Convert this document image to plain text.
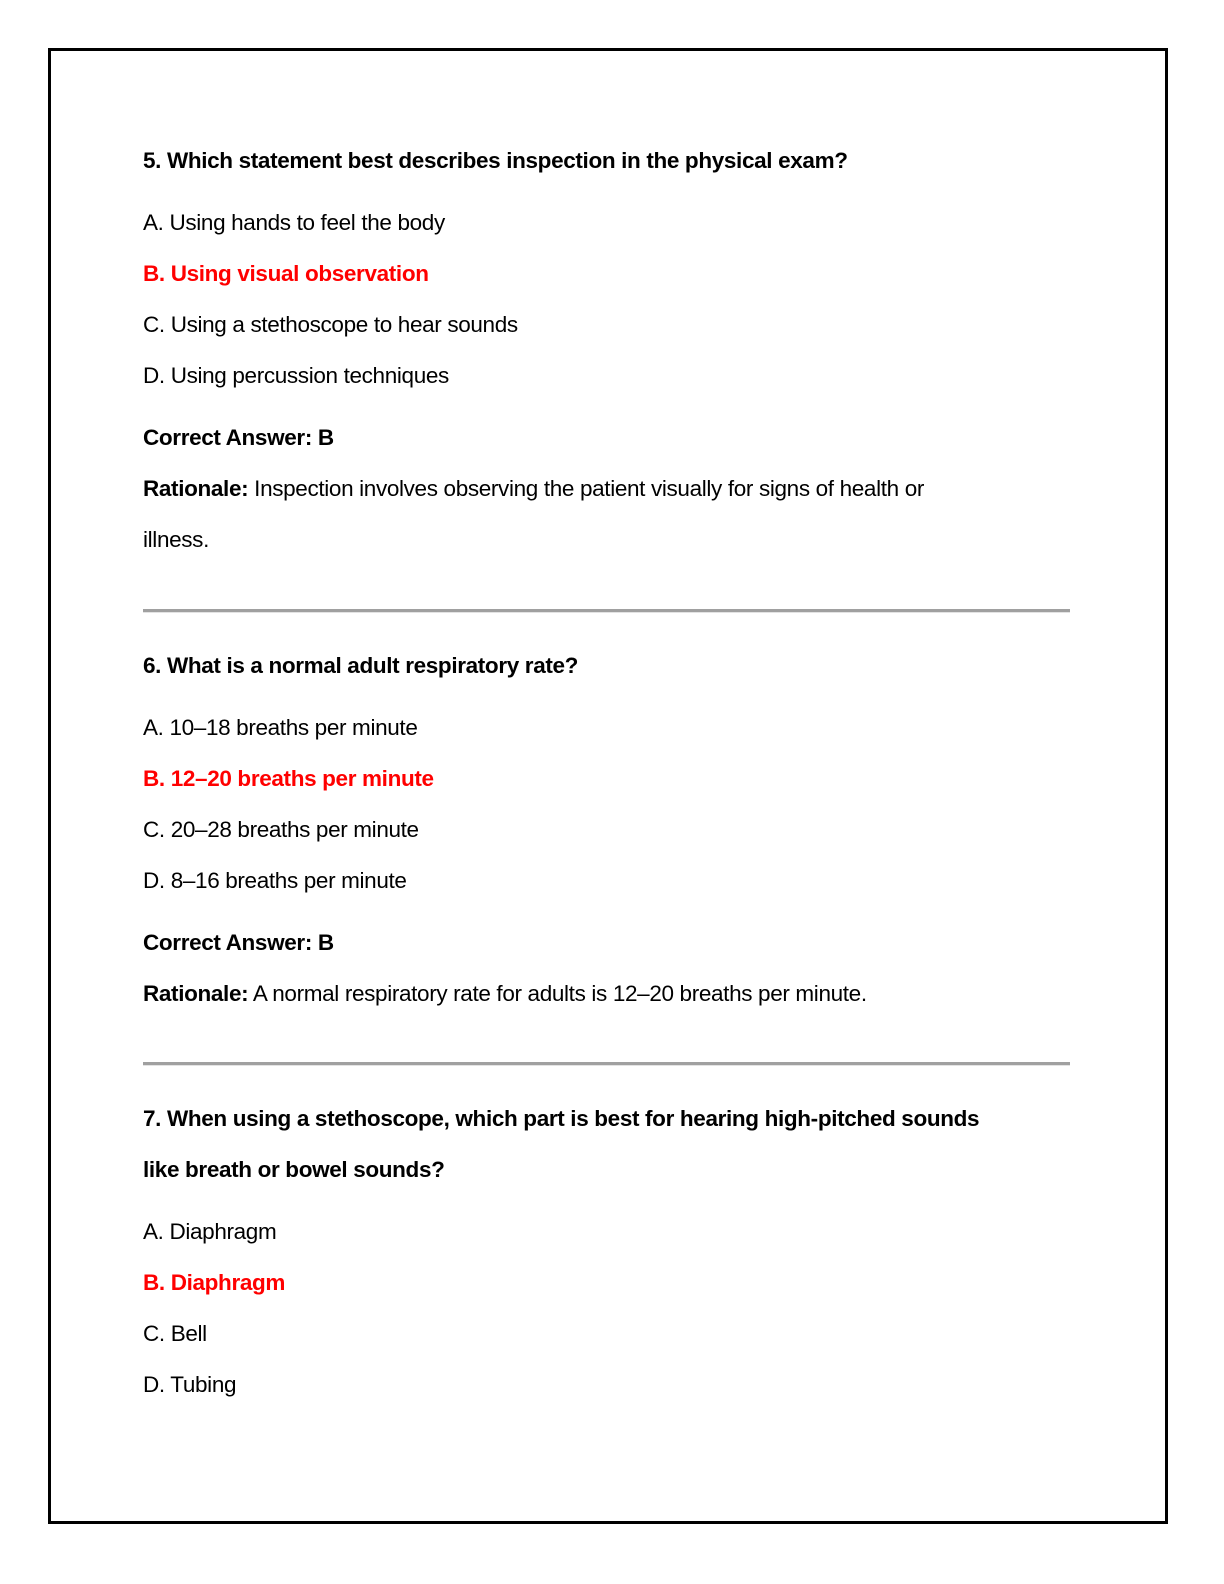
5. Which statement best describes inspection in the physical exam?
A. Using hands to feel the body
B. Using visual observation
C. Using a stethoscope to hear sounds
D. Using percussion techniques
Correct Answer: B
Rationale: Inspection involves observing the patient visually for signs of health or
illness.
6. What is a normal adult respiratory rate?
A. 10–18 breaths per minute
B. 12–20 breaths per minute
C. 20–28 breaths per minute
D. 8–16 breaths per minute
Correct Answer: B
Rationale: A normal respiratory rate for adults is 12–20 breaths per minute.
7. When using a stethoscope, which part is best for hearing high-pitched sounds
like breath or bowel sounds?
A. Diaphragm
B. Diaphragm
C. Bell
D. Tubing
